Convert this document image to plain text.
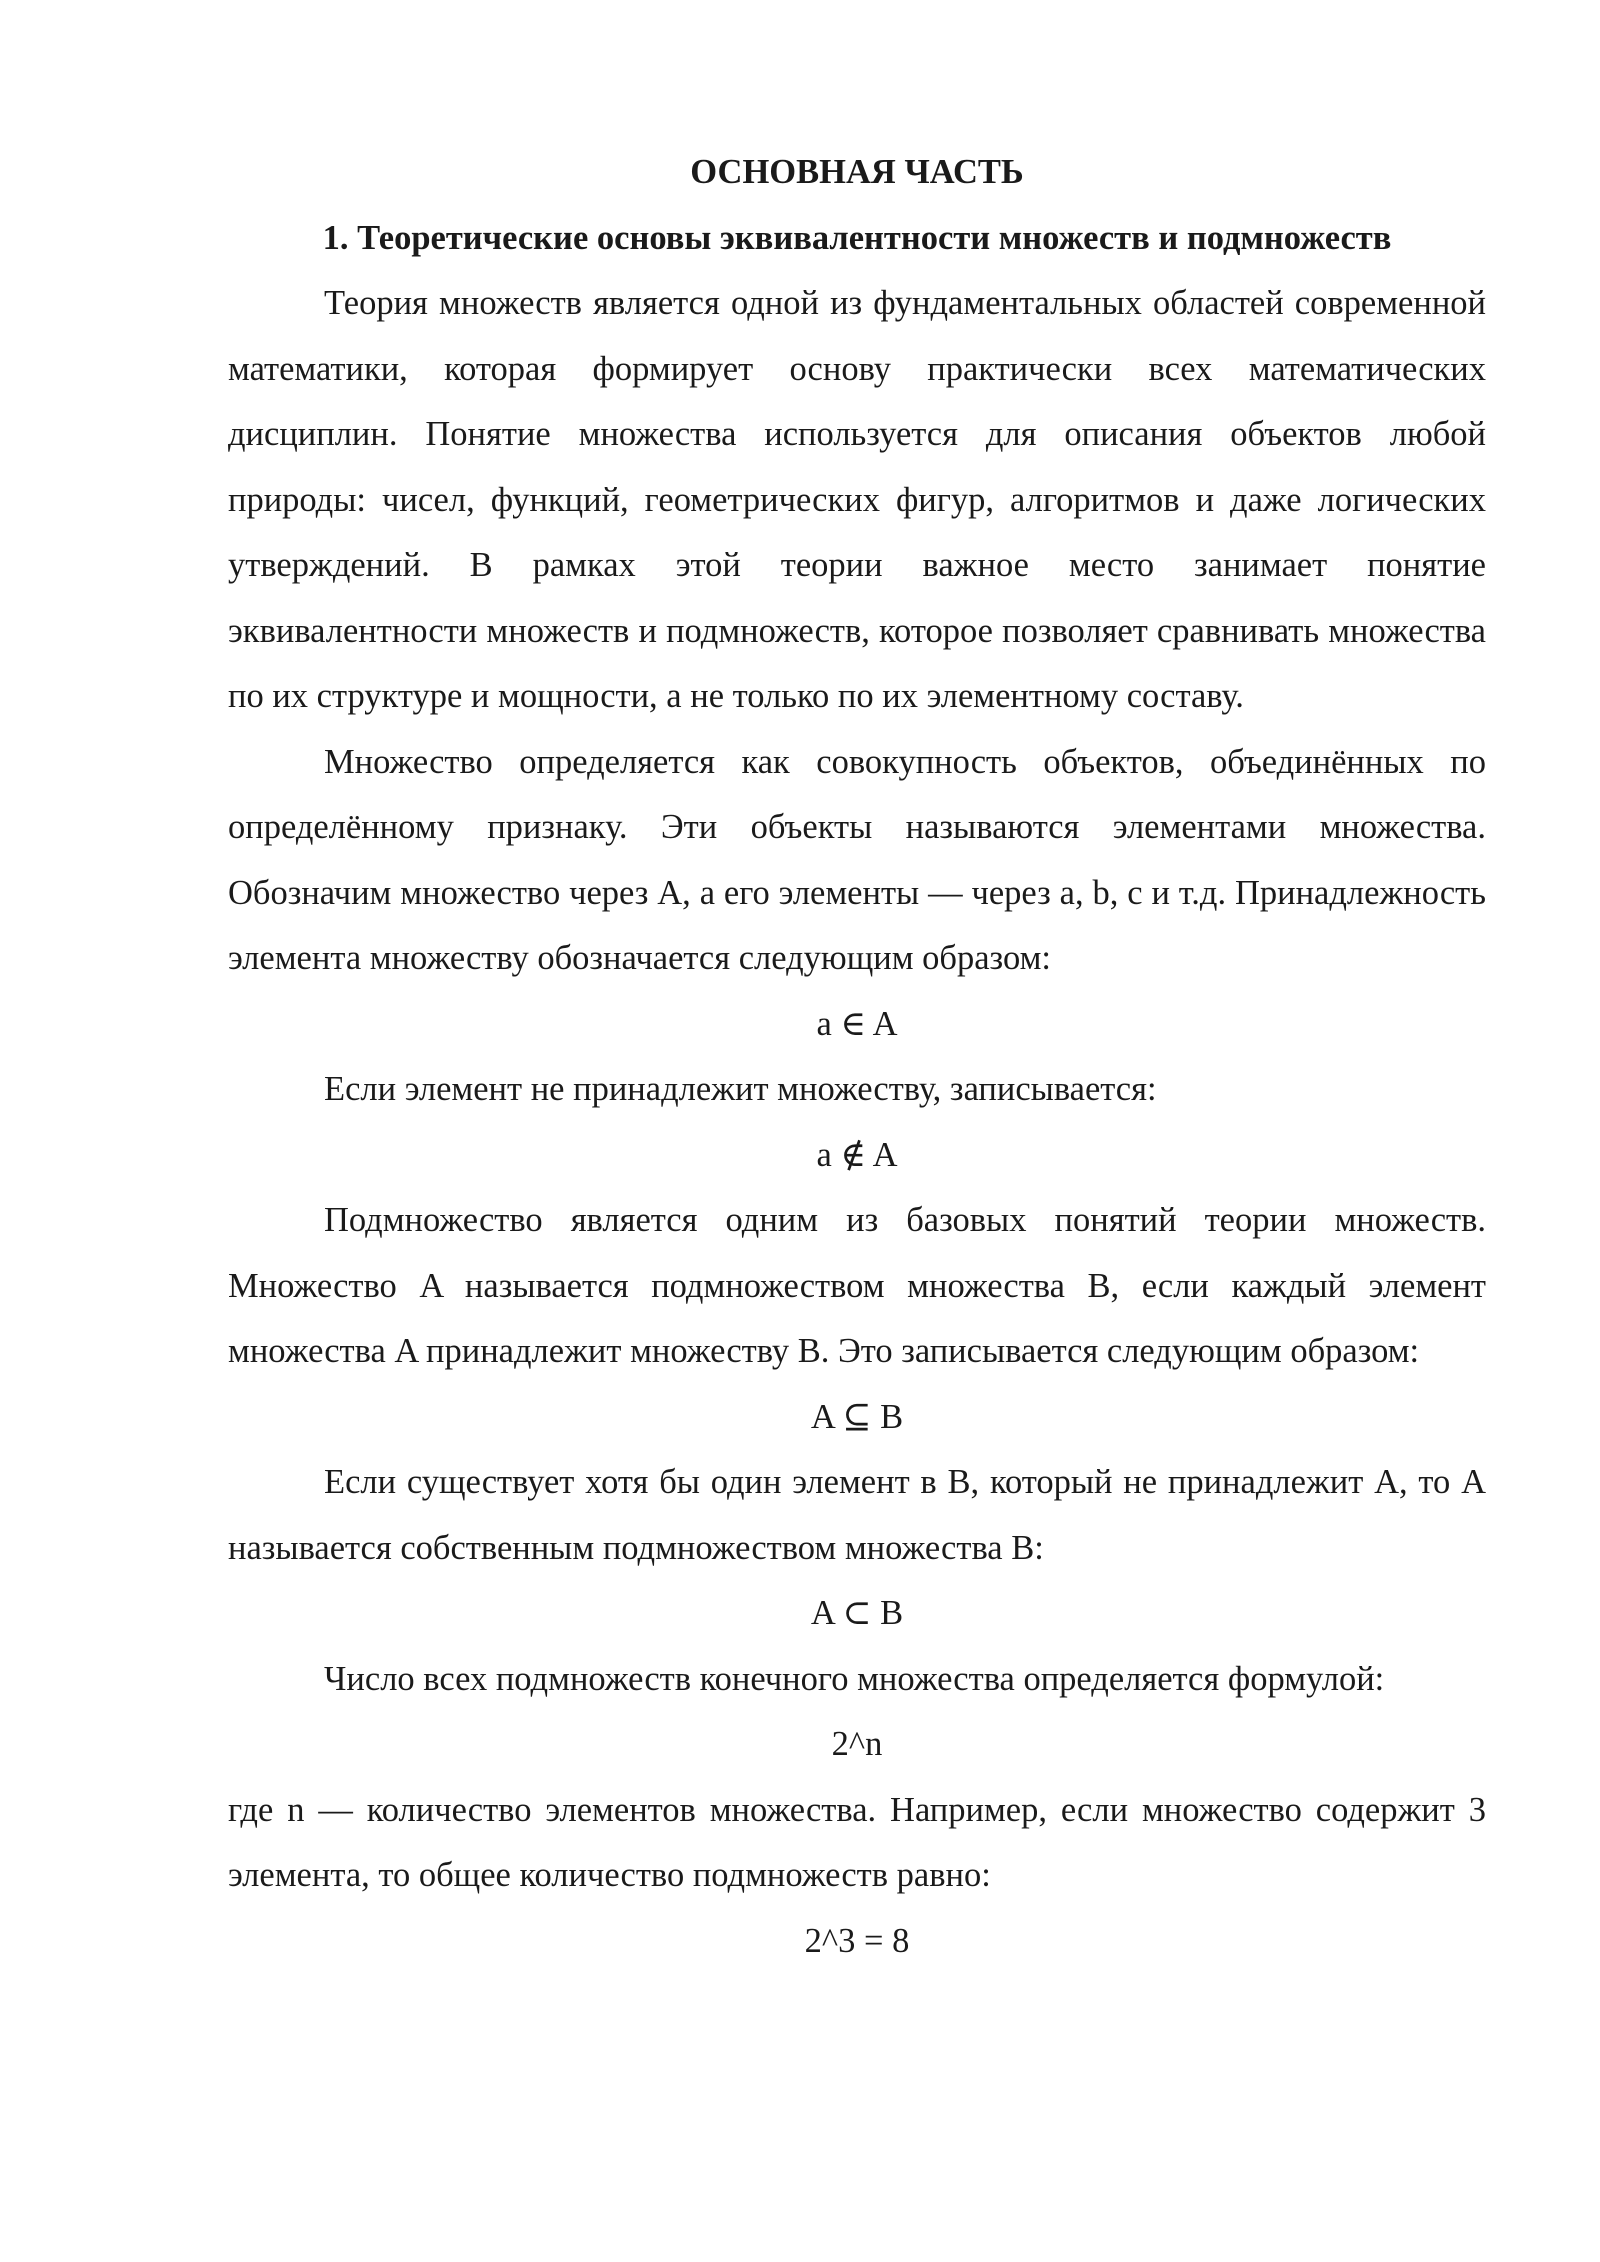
ОСНОВНАЯ ЧАСТЬ

1. Теоретические основы эквивалентности множеств и подмножеств

Теория множеств является одной из фундаментальных областей современной математики, которая формирует основу практически всех математических дисциплин. Понятие множества используется для описания объектов любой природы: чисел, функций, геометрических фигур, алгоритмов и даже логических утверждений. В рамках этой теории важное место занимает понятие эквивалентности множеств и подмножеств, которое позволяет сравнивать множества по их структуре и мощности, а не только по их элементному составу.

Множество определяется как совокупность объектов, объединённых по определённому признаку. Эти объекты называются элементами множества. Обозначим множество через A, а его элементы — через a, b, c и т.д. Принадлежность элемента множеству обозначается следующим образом:

a ∈ A

Если элемент не принадлежит множеству, записывается:

a ∉ A

Подмножество является одним из базовых понятий теории множеств. Множество A называется подмножеством множества B, если каждый элемент множества A принадлежит множеству B. Это записывается следующим образом:

A ⊆ B

Если существует хотя бы один элемент в B, который не принадлежит A, то A называется собственным подмножеством множества B:

A ⊂ B

Число всех подмножеств конечного множества определяется формулой:

2^n

где n — количество элементов множества. Например, если множество содержит 3 элемента, то общее количество подмножеств равно:

2^3 = 8
